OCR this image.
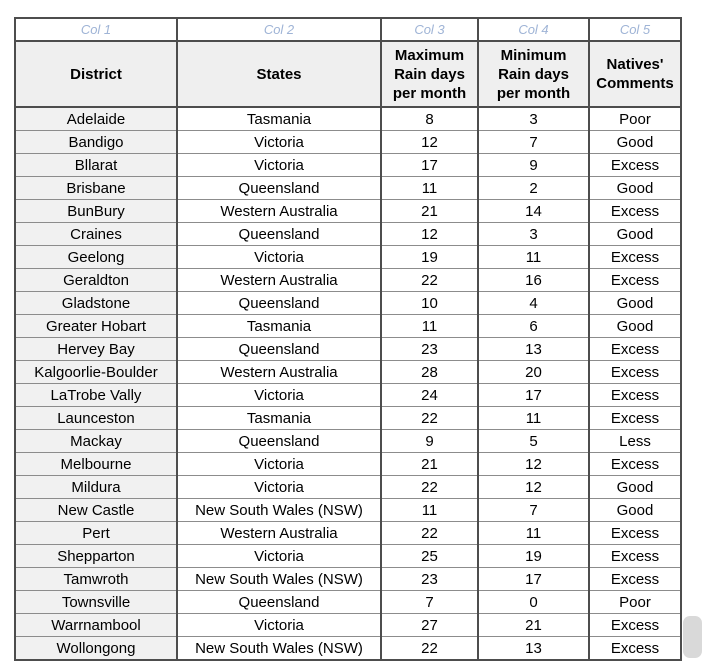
Col 1	Col 2	Col 3	Col 4	Col 5
District	States	Maximum Rain days per month	Minimum Rain days per month	Natives' Comments
Adelaide	Tasmania	8	3	Poor
Bandigo	Victoria	12	7	Good
Bllarat	Victoria	17	9	Excess
Brisbane	Queensland	11	2	Good
BunBury	Western Australia	21	14	Excess
Craines	Queensland	12	3	Good
Geelong	Victoria	19	11	Excess
Geraldton	Western Australia	22	16	Excess
Gladstone	Queensland	10	4	Good
Greater Hobart	Tasmania	11	6	Good
Hervey Bay	Queensland	23	13	Excess
Kalgoorlie-Boulder	Western Australia	28	20	Excess
LaTrobe Vally	Victoria	24	17	Excess
Launceston	Tasmania	22	11	Excess
Mackay	Queensland	9	5	Less
Melbourne	Victoria	21	12	Excess
Mildura	Victoria	22	12	Good
New Castle	New South Wales (NSW)	11	7	Good
Pert	Western Australia	22	11	Excess
Shepparton	Victoria	25	19	Excess
Tamwroth	New South Wales (NSW)	23	17	Excess
Townsville	Queensland	7	0	Poor
Warrnambool	Victoria	27	21	Excess
Wollongong	New South Wales (NSW)	22	13	Excess
